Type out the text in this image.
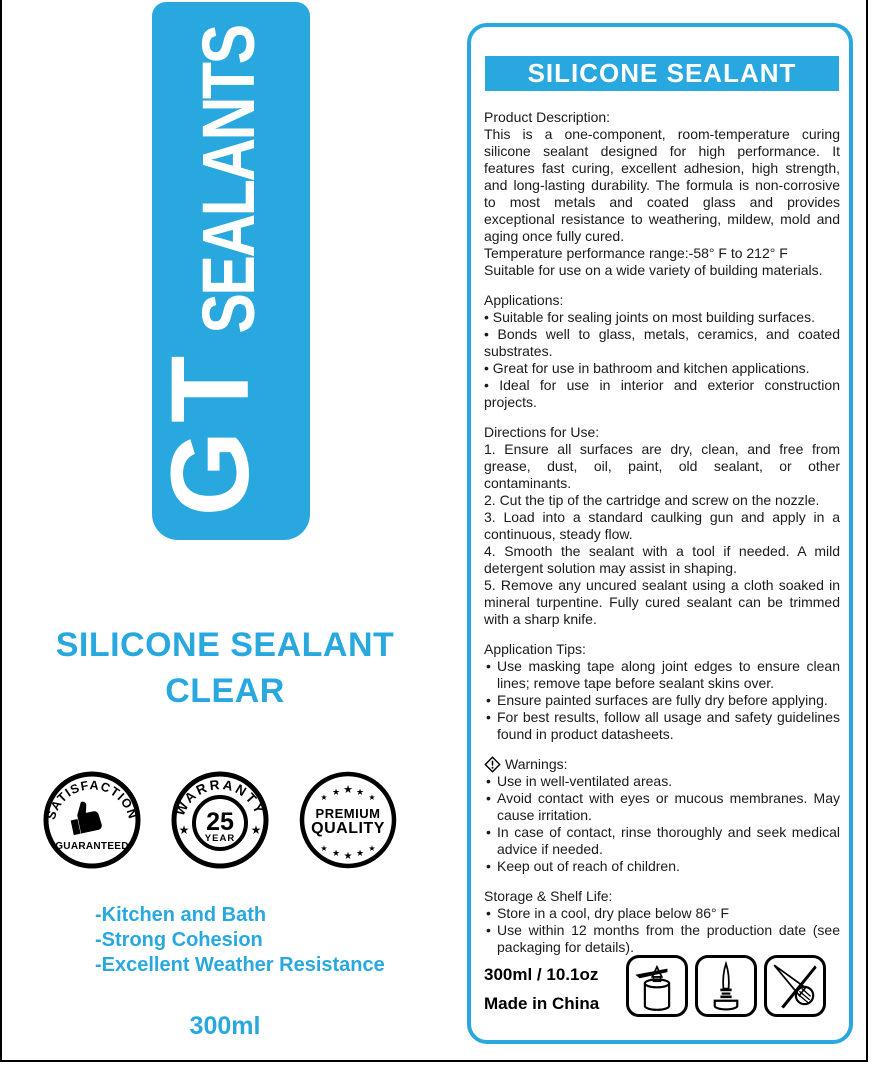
GT
SEALANTS
SILICONE SEALANT
CLEAR
SATISFACTION
GUARANTEED
WARRANTY
25
YEAR
★	★
★
★ ★ ★
★
PREMIUM
QUALITY
★ ★ ★ ★ ★
-Kitchen and Bath
-Strong Cohesion
-Excellent Weather Resistance
300ml
SILICONE SEALANT

Product Description:

This is a one-component, room-temperature curing silicone sealant designed for high performance. It features fast curing, excellent adhesion, high strength, and long-lasting durability. The formula is non-corrosive to most metals and coated glass and provides exceptional resistance to weathering, mildew, mold and aging once fully cured.

Temperature performance range:-58° F to 212° F

Suitable for use on a wide variety of building materials.

Applications:

• Suitable for sealing joints on most building surfaces.

• Bonds well to glass, metals, ceramics, and coated substrates.

• Great for use in bathroom and kitchen applications.

• Ideal for use in interior and exterior construction projects.

Directions for Use:

1. Ensure all surfaces are dry, clean, and free from grease, dust, oil, paint, old sealant, or other contaminants.

2. Cut the tip of the cartridge and screw on the nozzle.

3. Load into a standard caulking gun and apply in a continuous, steady flow.

4. Smooth the sealant with a tool if needed. A mild detergent solution may assist in shaping.

5. Remove any uncured sealant using a cloth soaked in mineral turpentine. Fully cured sealant can be trimmed with a sharp knife.

Application Tips:

• Use masking tape along joint edges to ensure clean lines; remove tape before sealant skins over.

• Ensure painted surfaces are fully dry before applying.

• For best results, follow all usage and safety guidelines found in product datasheets.

Warnings:

• Use in well-ventilated areas.

• Avoid contact with eyes or mucous membranes. May cause irritation.

• In case of contact, rinse thoroughly and seek medical advice if needed.

• Keep out of reach of children.

Storage & Shelf Life:

• Store in a cool, dry place below 86° F

• Use within 12 months from the production date (see packaging for details).

300ml / 10.1oz
Made in China
